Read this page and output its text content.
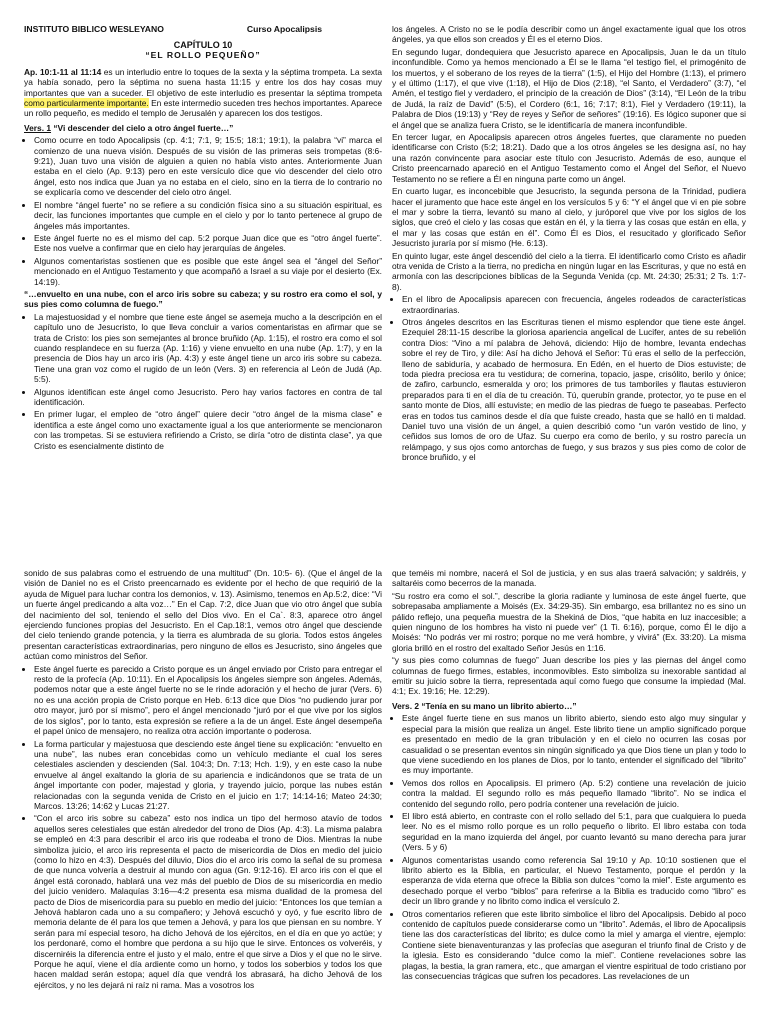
INSTITUTO BIBLICO WESLEYANO	Curso Apocalipsis
CAPÍTULO 10
“EL ROLLO PEQUEÑO”

Ap. 10:1-11 al 11:14 es un interludio entre lo toques de la sexta y la séptima trompeta. La sexta ya había sonado, pero la séptima no suena hasta 11:15 y entre los dos hay cosas muy importantes que van a suceder. El objetivo de este interludio es presentar la séptima trompeta como particularmente importante. En este intermedio suceden tres hechos importantes. Aparece un rollo pequeño, es medido el templo de Jerusalén y aparecen los dos testigos.

Vers. 1 “Vi descender del cielo a otro ángel fuerte…”
• Como ocurre en todo Apocalipsis (cp. 4:1; 7:1, 9; 15:5; 18:1; 19:1), la palabra “vi” marca el comienzo de una nueva visión. Después de su visión de las primeras seis trompetas (8:6-9:21), Juan tuvo una visión de alguien a quien no había visto antes. Anteriormente Juan estaba en el cielo (Ap. 9:13) pero en este versículo dice que vio descender del cielo otro ángel, esto nos indica que Juan ya no estaba en el cielo, sino en la tierra de lo contrario no se explicaría como ve descender del cielo otro ángel.
• El nombre “ángel fuerte” no se refiere a su condición física sino a su situación espiritual, es decir, las funciones importantes que cumple en el cielo y por lo tanto pertenece al grupo de ángeles más importantes.
• Este ángel fuerte no es el mismo del cap. 5:2 porque Juan dice que es “otro ángel fuerte”. Este nos vuelve a confirmar que en cielo hay jerarquías de ángeles.
• Algunos comentaristas sostienen que es posible que este ángel sea el “ángel del Señor” mencionado en el Antiguo Testamento y que acompañó a Israel a su viaje por el desierto (Ex. 14:19).

“…envuelto en una nube, con el arco iris sobre su cabeza; y su rostro era como el sol, y sus pies como columna de fuego.”

• La majestuosidad y el nombre que tiene este ángel se asemeja mucho a la descripción en el capítulo uno de Jesucristo, lo que lleva concluir a varios comentaristas en afirmar que se trata de Cristo: los pies son semejantes al bronce bruñido (Ap. 1:15), el rostro era como el sol cuando resplandece en su fuerza (Ap. 1:16) y viene envuelto en una nube (Ap. 1:7), y en la presencia de Dios hay un arco iris (Ap. 4:3) y este ángel tiene un arco iris sobre su cabeza. Tiene una gran voz como el rugido de un león (Vers. 3) en referencia al León de Judá (Ap. 5:5).
• Algunos identifican este ángel como Jesucristo. Pero hay varios factores en contra de tal identificación.
• En primer lugar, el empleo de “otro ángel” quiere decir “otro ángel de la misma clase” e identifica a este ángel como uno exactamente igual a los que anteriormente se mencionaron con las trompetas. Si se estuviera refiriendo a Cristo, se diría “otro de distinta clase”, ya que Cristo es esencialmente distinto de

los ángeles. A Cristo no se le podía describir como un ángel exactamente igual que los otros ángeles, ya que ellos son creados y Él es el eterno Dios.

En segundo lugar, dondequiera que Jesucristo aparece en Apocalipsis, Juan le da un título inconfundible. Como ya hemos mencionado a Él se le llama “el testigo fiel, el primogénito de los muertos, y el soberano de los reyes de la tierra” (1:5), el Hijo del Hombre (1:13), el primero y el último (1:17), el que vive (1:18), el Hijo de Dios (2:18), “el Santo, el Verdadero” (3:7), “el Amén, el testigo fiel y verdadero, el principio de la creación de Dios” (3:14), “El León de la tribu de Judá, la raíz de David” (5:5), el Cordero (6:1, 16; 7:17; 8:1), Fiel y Verdadero (19:11), la Palabra de Dios (19:13) y “Rey de reyes y Señor de señores” (19:16). Es lógico suponer que si el ángel que se analiza fuera Cristo, se le identificaría de manera inconfundible.

En tercer lugar, en Apocalipsis aparecen otros ángeles fuertes, que claramente no pueden identificarse con Cristo (5:2; 18:21). Dado que a los otros ángeles se les designa así, no hay una razón convincente para asociar este título con Jesucristo. Además de eso, aunque el Cristo preencarnado apareció en el Antiguo Testamento como el Ángel del Señor, el Nuevo Testamento no se refiere a Él en ninguna parte como un ángel.

En cuarto lugar, es inconcebible que Jesucristo, la segunda persona de la Trinidad, pudiera hacer el juramento que hace este ángel en los versículos 5 y 6: “Y el ángel que vi en pie sobre el mar y sobre la tierra, levantó su mano al cielo, y juróporel que vive por los siglos de los siglos, que creó el cielo y las cosas que están en él, y la tierra y las cosas que están en ella, y el mar y las cosas que están en él”. Como Él es Dios, el resucitado y glorificado Señor Jesucristo juraría por sí mismo (He. 6:13).

En quinto lugar, este ángel descendió del cielo a la tierra. El identificarlo como Cristo es añadir otra venida de Cristo a la tierra, no predicha en ningún lugar en las Escrituras, y que no está en armonía con las descripciones bíblicas de la Segunda Venida (cp. Mt. 24:30; 25:31; 2 Ts. 1:7-8).

• En el libro de Apocalipsis aparecen con frecuencia, ángeles rodeados de características extraordinarias.
• Otros ángeles descritos en las Escrituras tienen el mismo esplendor que tiene este ángel. Ezequiel 28:11-15 describe la gloriosa apariencia angelical de Lucifer, antes de su rebelión contra Dios: “Vino a mí palabra de Jehová, diciendo: Hijo de hombre, levanta endechas sobre el rey de Tiro, y dile: Así ha dicho Jehová el Señor: Tú eras el sello de la perfección, lleno de sabiduría, y acabado de hermosura. En Edén, en el huerto de Dios estuviste; de toda piedra preciosa era tu vestidura; de cornerina, topacio, jaspe, crisólito, berilo y ónice; de zafiro, carbunclo, esmeralda y oro; los primores de tus tamboriles y flautas estuvieron preparados para ti en el día de tu creación. Tú, querubín grande, protector, yo te puse en el santo monte de Dios, allí estuviste; en medio de las piedras de fuego te paseabas. Perfecto eras en todos tus caminos desde el día que fuiste creado, hasta que se halló en ti maldad. Daniel tuvo una visión de un ángel, a quien describió como “un varón vestido de lino, y ceñidos sus lomos de oro de Ufaz. Su cuerpo era como de berilo, y su rostro parecía un relámpago, y sus ojos como antorchas de fuego, y sus brazos y sus pies como de color de bronce bruñido, y el

sonido de sus palabras como el estruendo de una multitud” (Dn. 10:5- 6). (Que el ángel de la visión de Daniel no es el Cristo preencarnado es evidente por el hecho de que requirió de la ayuda de Miguel para luchar contra los demonios, v. 13). Asimismo, tenemos en Ap.5:2, dice: “Vi un fuerte ángel predicando a alta voz…” En el Cap. 7:2, dice Juan que vio otro ángel que subía del nacimiento del sol, teniendo el sello del Dios vivo. En el Ca`. 8:3, aparece otro ángel ejerciendo funciones propias del Jesucristo. En el Cap.18:1, vemos otro ángel que desciende del cielo teniendo grande potencia, y la tierra es alumbrada de su gloria. Todos estos ángeles presentan características extraordinarias, pero ninguno de ellos es Jesucristo, sino ángeles que actúan como ministros del Señor.

• Este ángel fuerte es parecido a Cristo porque es un ángel enviado por Cristo para entregar el resto de la profecía (Ap. 10:11). En el Apocalipsis los ángeles siempre son ángeles. Además, podemos notar que a este ángel fuerte no se le rinde adoración y el hecho de jurar (Vers. 6) no es una acción propia de Cristo porque en Heb. 6:13 dice que Dios “no pudiendo jurar por otro mayor, juró por sí mismo”, pero el ángel mencionado “juró por el que vive por los siglos de los siglos”, por lo tanto, esta expresión se refiere a la de un ángel. Este ángel desempeña el papel único de mensajero, no realiza otra acción importante o poderosa.
• La forma particular y majestuosa que desciendo este ángel tiene su explicación: “envuelto en una nube”, las nubes eran concebidas como un vehículo mediante el cual los seres celestiales ascienden y descienden (Sal. 104:3; Dn. 7:13; Hch. 1:9), y en este caso la nube envuelve al ángel exaltando la gloria de su apariencia e indicándonos que se trata de un ángel importante con poder, majestad y gloria, y trayendo juicio, porque las nubes están relacionadas con la segunda venida de Cristo en el juicio en 1:7; 14:14-16; Mateo 24:30; Marcos. 13:26; 14:62 y Lucas 21:27.
• “Con el arco iris sobre su cabeza” esto nos indica un tipo del hermoso atavío de todos aquellos seres celestiales que están alrededor del trono de Dios (Ap. 4:3). La misma palabra se empleó en 4:3 para describir el arco iris que rodeaba el trono de Dios. Mientras la nube simboliza juicio, el arco iris representa el pacto de misericordia de Dios en medio del juicio (como lo hizo en 4:3). Después del diluvio, Dios dio el arco iris como la señal de su promesa de que nunca volvería a destruir al mundo con agua (Gn. 9:12-16). El arco iris con el que el ángel está coronado, hablará una vez más del pueblo de Dios de su misericordia en medio del juicio venidero. Malaquías 3:16—4:2 presenta esa misma dualidad de la promesa del pacto de Dios de misericordia para su pueblo en medio del juicio: “Entonces los que temían a Jehová hablaron cada uno a su compañero; y Jehová escuchó y oyó, y fue escrito libro de memoria delante de él para los que temen a Jehová, y para los que piensan en su nombre. Y serán para mí especial tesoro, ha dicho Jehová de los ejércitos, en el día en que yo actúe; y los perdonaré, como el hombre que perdona a su hijo que le sirve. Entonces os volveréis, y discerniréis la diferencia entre el justo y el malo, entre el que sirve a Dios y el que no le sirve. Porque he aquí, viene el día ardiente como un horno, y todos los soberbios y todos los que hacen maldad serán estopa; aquel día que vendrá los abrasará, ha dicho Jehová de los ejércitos, y no les dejará ni raíz ni rama. Mas a vosotros los

que teméis mi nombre, nacerá el Sol de justicia, y en sus alas traerá salvación; y saldréis, y saltaréis como becerros de la manada.

“Su rostro era como el sol.”, describe la gloria radiante y luminosa de este ángel fuerte, que sobrepasaba ampliamente a Moisés (Ex. 34:29-35). Sin embargo, esa brillantez no es sino un pálido reflejo, una pequeña muestra de la Shekiná de Dios, “que habita en luz inaccesible; a quien ninguno de los hombres ha visto ni puede ver” (1 Ti. 6:16), porque, como Él le dijo a Moisés: “No podrás ver mi rostro; porque no me verá hombre, y vivirá” (Ex. 33:20). La misma gloria brilló en el rostro del exaltado Señor Jesús en 1:16.

“y sus pies como columnas de fuego” Juan describe los pies y las piernas del ángel como columnas de fuego firmes, estables, inconmovibles. Esto simboliza su inexorable santidad al emitir su juicio sobre la tierra, representada aquí como fuego que consume la impiedad (Mal. 4:1; Ex. 19:16; He. 12:29).

Vers. 2 “Tenía en su mano un librito abierto…”
• Este ángel fuerte tiene en sus manos un librito abierto, siendo esto algo muy singular y especial para la misión que realiza un ángel. Este librito tiene un amplio significado porque es presentado en medio de la gran tribulación y en el cielo no ocurren las cosas por casualidad o se presentan eventos sin ningún significado ya que Dios tiene un plan y todo lo que viene sucediendo en los planes de Dios, por lo tanto, entender el significado del “librito” es muy importante.
• Vemos dos rollos en Apocalipsis. El primero (Ap. 5:2) contiene una revelación de juicio contra la maldad. El segundo rollo es más pequeño llamado “librito”. No se indica el contenido del segundo rollo, pero podría contener una revelación de juicio.
• El libro está abierto, en contraste con el rollo sellado del 5:1, para que cualquiera lo pueda leer. No es el mismo rollo porque es un rollo pequeño o librito. El libro estaba con toda seguridad en la mano izquierda del ángel, por cuanto levantó su mano derecha para jurar (Vers. 5 y 6)
• Algunos comentaristas usando como referencia Sal 19:10 y Ap. 10:10 sostienen que el librito abierto es la Biblia, en particular, el Nuevo Testamento, porque el perdón y la esperanza de vida eterna que ofrece la Biblia son dulces “como la miel”. Este argumento es desechado porque el verbo “biblos” para referirse a la Biblia es traducido como “libro” es decir un libro grande y no librito como indica el versículo 2.
• Otros comentarios refieren que este librito simbolice el libro del Apocalipsis. Debido al poco contenido de capítulos puede considerarse como un “librito”. Además, el libro de Apocalipsis tiene las dos características del librito; es dulce como la miel y amarga el vientre, ejemplo: Contiene siete bienaventuranzas y las profecías que aseguran el triunfo final de Cristo y de la iglesia. Esto es considerando “dulce como la miel”. Contiene revelaciones sobre las plagas, la bestia, la gran ramera, etc., que amargan el vientre espiritual de todo cristiano por las consecuencias trágicas que sufren los pecadores. Las revelaciones de un
